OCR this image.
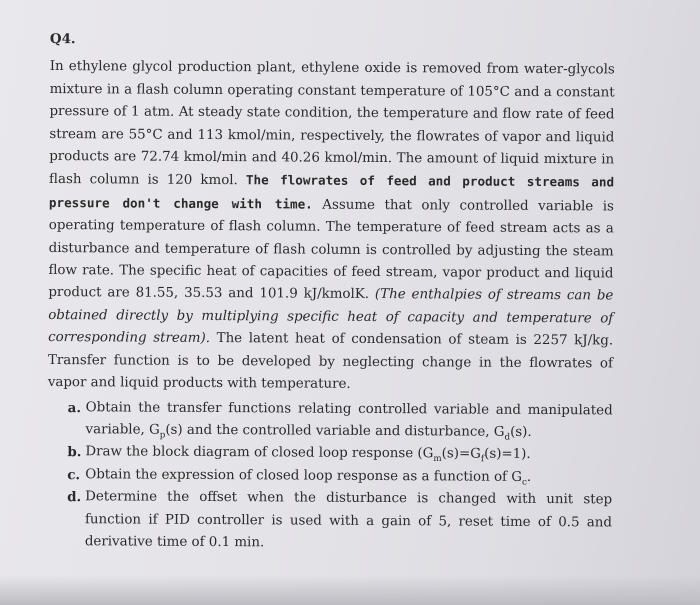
Q4.

In ethylene glycol production plant, ethylene oxide is removed from water-glycols mixture in a flash column operating constant temperature of 105°C and a constant pressure of 1 atm. At steady state condition, the temperature and flow rate of feed stream are 55°C and 113 kmol/min, respectively, the flowrates of vapor and liquid products are 72.74 kmol/min and 40.26 kmol/min. The amount of liquid mixture in flash column is 120 kmol. The flowrates of feed and product streams and pressure don't change with time. Assume that only controlled variable is operating temperature of flash column. The temperature of feed stream acts as a disturbance and temperature of flash column is controlled by adjusting the steam flow rate. The specific heat of capacities of feed stream, vapor product and liquid product are 81.55, 35.53 and 101.9 kJ/kmolK. (The enthalpies of streams can be obtained directly by multiplying specific heat of capacity and temperature of corresponding stream). The latent heat of condensation of steam is 2257 kJ/kg. Transfer function is to be developed by neglecting change in the flowrates of vapor and liquid products with temperature.

a. Obtain the transfer functions relating controlled variable and manipulated variable, $G_p(s)$ and the controlled variable and disturbance, $G_d(s)$.
b. Draw the block diagram of closed loop response $(G_m(s)=G_f(s)=1)$.
c. Obtain the expression of closed loop response as a function of $G_c$.
d. Determine the offset when the disturbance is changed with unit step function if PID controller is used with a gain of 5, reset time of 0.5 and derivative time of 0.1 min.
